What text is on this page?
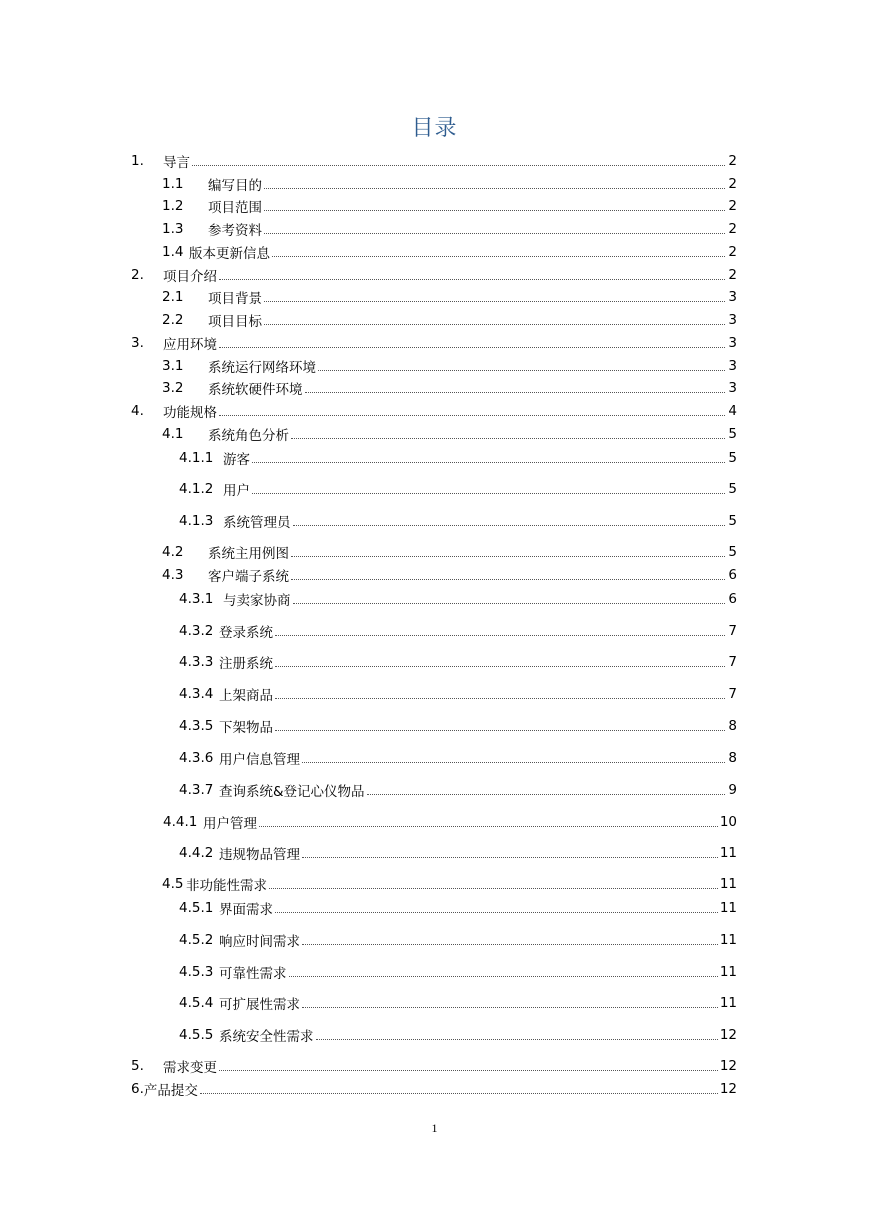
目录
1.	导言	2
1.1	编写目的	2
1.2	项目范围	2
1.3	参考资料	2
1.4 版本更新信息	2
2.	项目介绍	2
2.1	项目背景	3
2.2	项目目标	3
3.	应用环境	3
3.1	系统运行网络环境	3
3.2	系统软硬件环境	3
4.	功能规格	4
4.1	系统角色分析	5
4.1.1 游客	5
4.1.2 用户	5
4.1.3 系统管理员	5
4.2	系统主用例图	5
4.3	客户端子系统	6
4.3.1 与卖家协商	6
4.3.2 登录系统	7
4.3.3 注册系统	7
4.3.4 上架商品	7
4.3.5 下架物品	8
4.3.6 用户信息管理	8
4.3.7 查询系统&登记心仪物品	9
4.4.1 用户管理	10
4.4.2 违规物品管理	11
4.5 非功能性需求	11
4.5.1 界面需求	11
4.5.2 响应时间需求	11
4.5.3 可靠性需求	11
4.5.4 可扩展性需求	11
4.5.5 系统安全性需求	12
5.	需求变更	12
6. 产品提交	12
1
